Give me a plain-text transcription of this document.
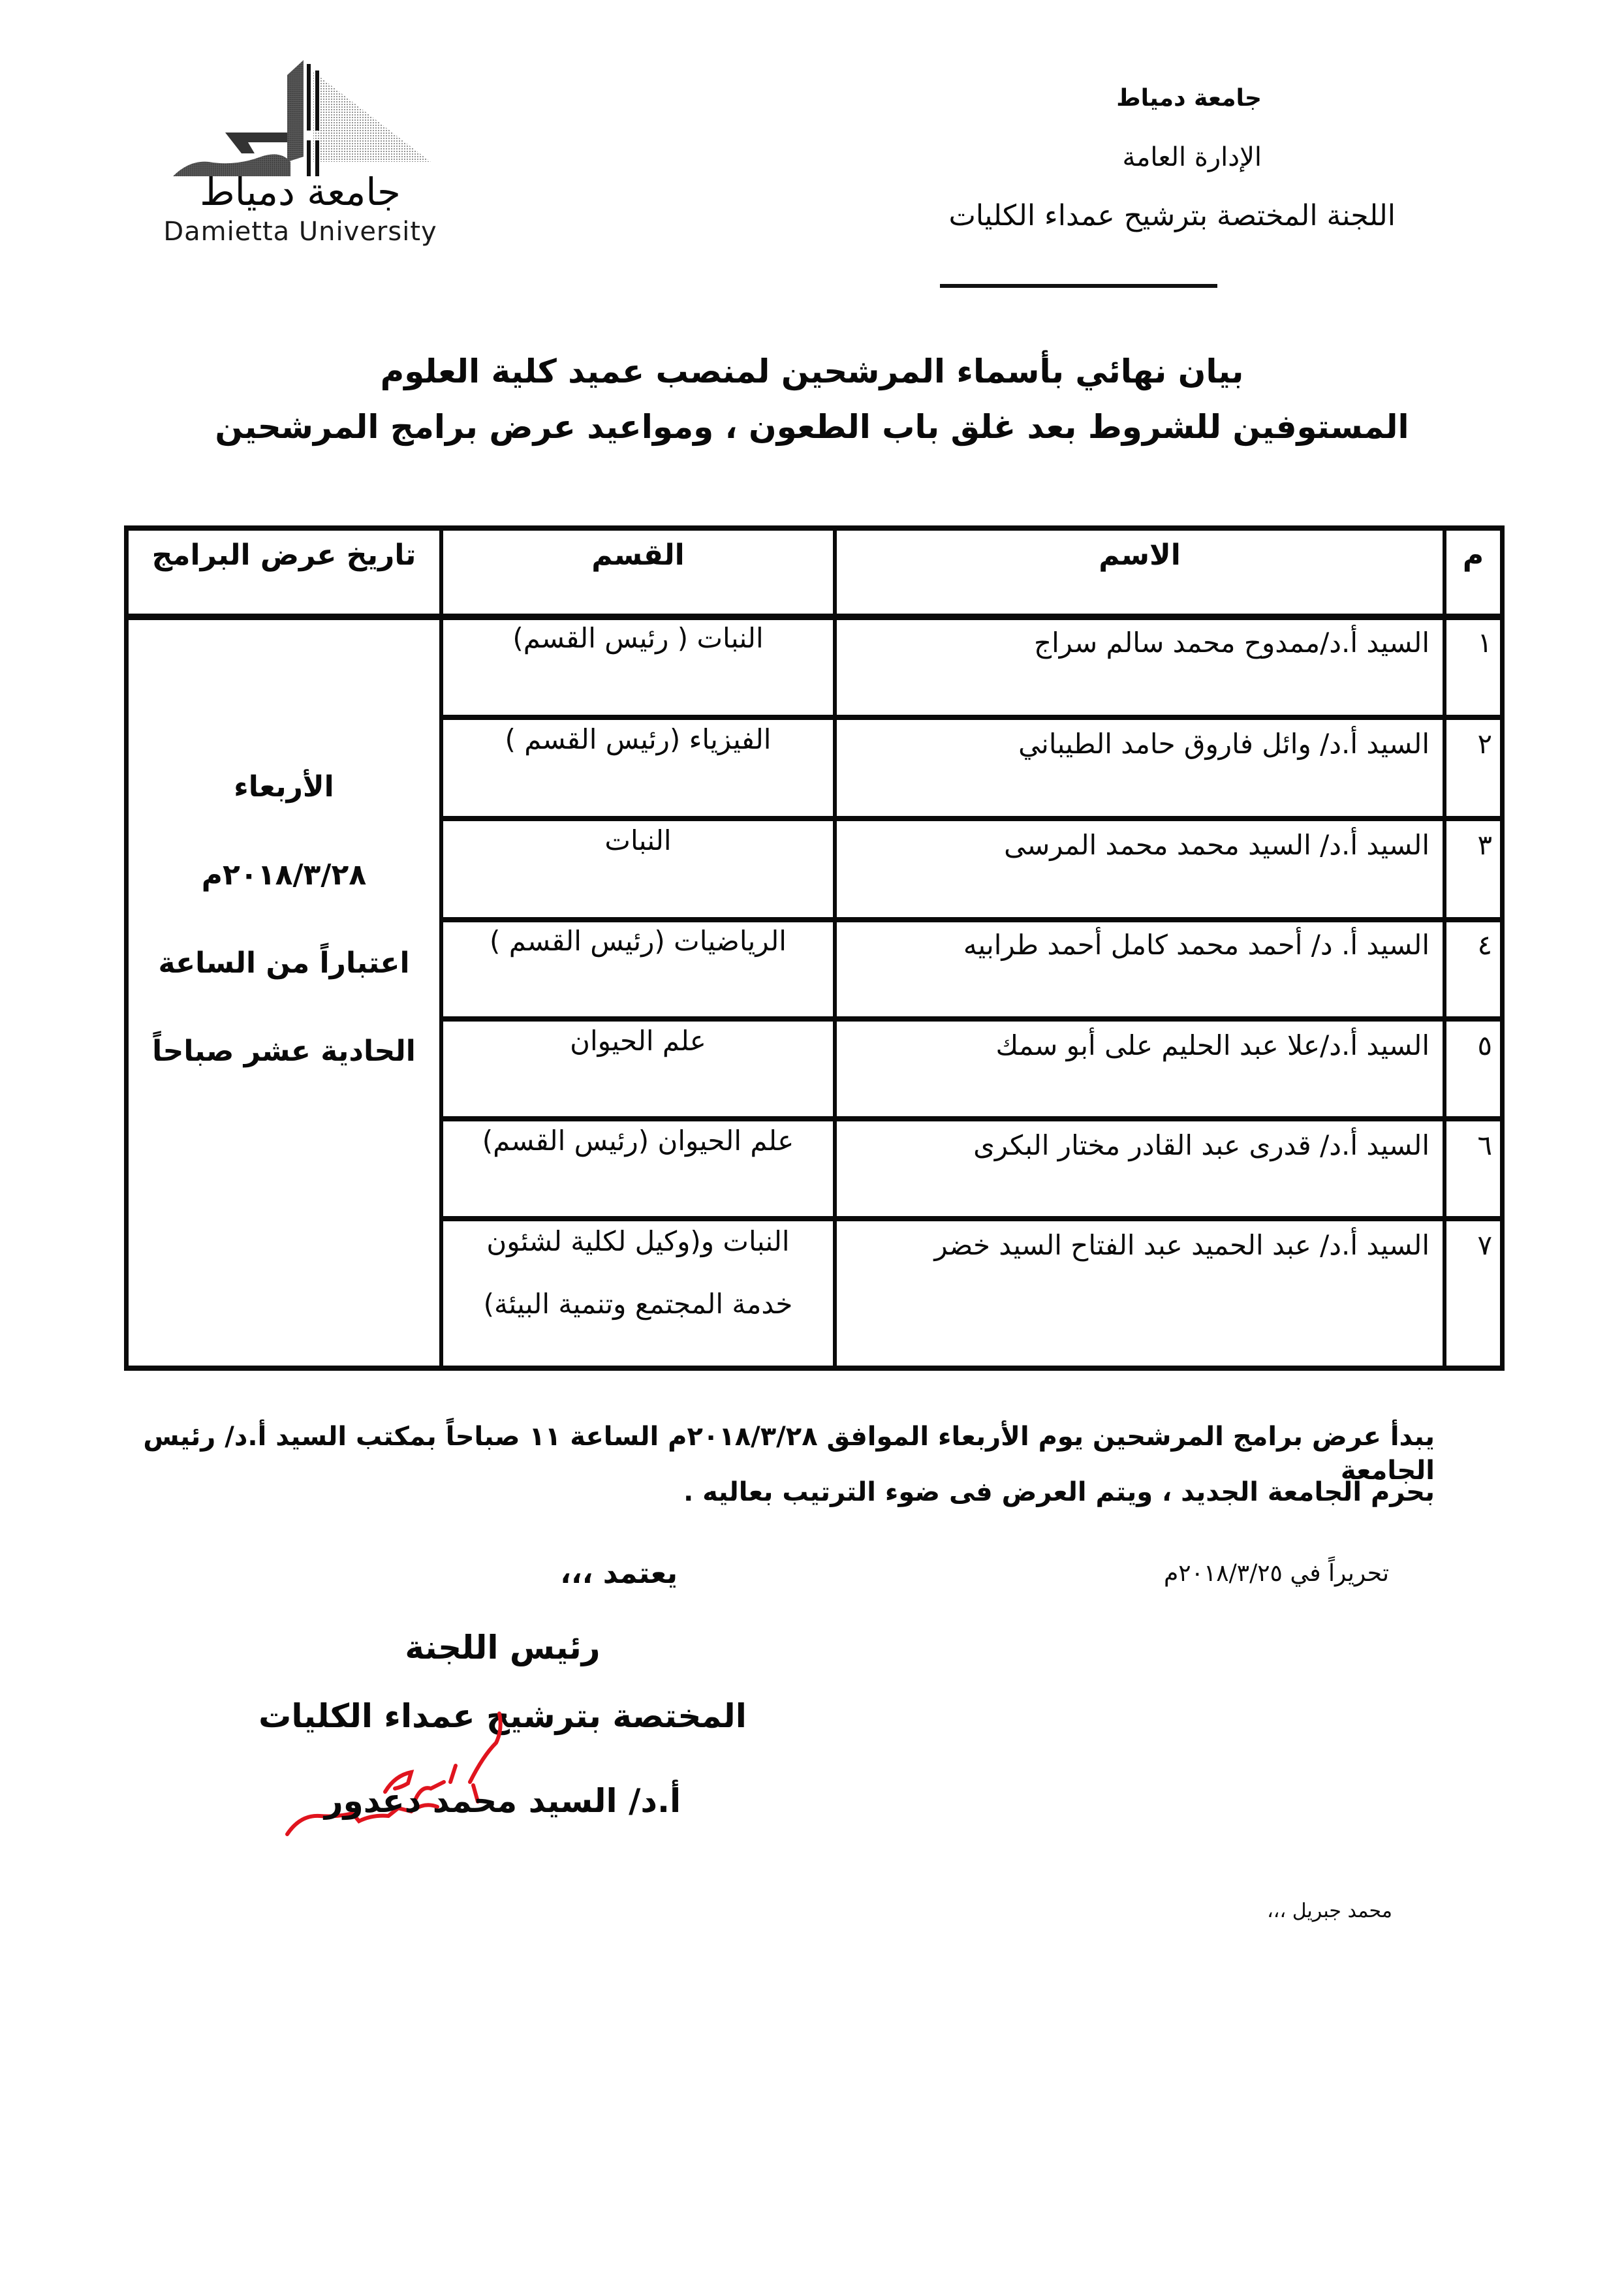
جامعة دمياط
Damietta University
جامعة دمياط
الإدارة العامة
اللجنة المختصة بترشيح عمداء الكليات
بيان نهائي بأسماء المرشحين لمنصب عميد كلية العلوم
المستوفين للشروط بعد غلق باب الطعون ، ومواعيد عرض برامج المرشحين
م
الاسم
القسم
تاريخ عرض البرامج
١
السيد أ.د/ممدوح محمد سالم سراج
النبات ( رئيس القسم)
٢
السيد أ.د/ وائل فاروق حامد الطيباني
الفيزياء (رئيس القسم )
٣
السيد أ.د/ السيد محمد محمد المرسى
النبات
٤
السيد أ. د/ أحمد محمد كامل أحمد طرابيه
الرياضيات (رئيس القسم )
٥
السيد أ.د/علا عبد الحليم على أبو سمك
علم الحيوان
٦
السيد أ.د/ قدرى عبد القادر مختار البكرى
علم الحيوان (رئيس القسم)
٧
السيد أ.د/ عبد الحميد عبد الفتاح السيد خضر
النبات و(وكيل لكلية لشئون
خدمة المجتمع وتنمية البيئة)
الأربعاء
٢٠١٨/٣/٢٨م
اعتباراً من الساعة
الحادية عشر صباحاً
يبدأ عرض برامج المرشحين يوم الأربعاء الموافق ٢٠١٨/٣/٢٨م الساعة ١١ صباحاً بمكتب السيد أ.د/ رئيس الجامعة
بحرم الجامعة الجديد ، ويتم العرض فى ضوء الترتيب بعاليه .
تحريراً في ٢٠١٨/٣/٢٥م
يعتمد ،،،
رئيس اللجنة
المختصة بترشيح عمداء الكليات
أ.د/ السيد محمد دعدور
محمد جبريل ،،،
